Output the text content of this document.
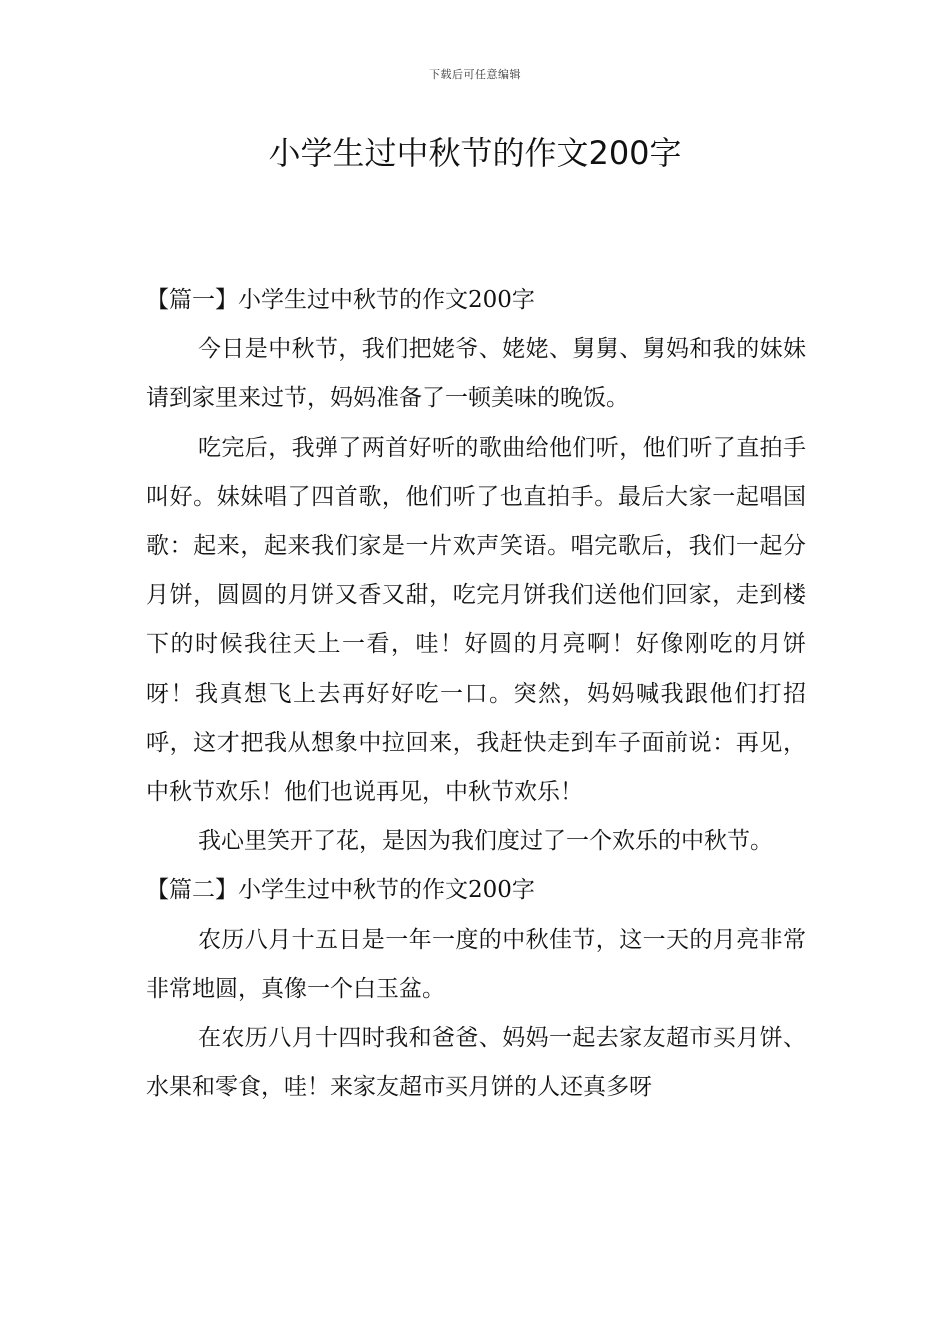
下载后可任意编辑
小学生过中秋节的作文200字
【篇一】小学生过中秋节的作文200字

今日是中秋节，我们把姥爷、姥姥、舅舅、舅妈和我的妹妹请到家里来过节，妈妈准备了一顿美味的晚饭。

吃完后，我弹了两首好听的歌曲给他们听，他们听了直拍手叫好。妹妹唱了四首歌，他们听了也直拍手。最后大家一起唱国歌：起来，起来我们家是一片欢声笑语。唱完歌后，我们一起分月饼，圆圆的月饼又香又甜，吃完月饼我们送他们回家，走到楼下的时候我往天上一看，哇！好圆的月亮啊！好像刚吃的月饼呀！我真想飞上去再好好吃一口。突然，妈妈喊我跟他们打招呼，这才把我从想象中拉回来，我赶快走到车子面前说：再见，中秋节欢乐！他们也说再见，中秋节欢乐！

我心里笑开了花，是因为我们度过了一个欢乐的中秋节。

【篇二】小学生过中秋节的作文200字

农历八月十五日是一年一度的中秋佳节，这一天的月亮非常非常地圆，真像一个白玉盆。

在农历八月十四时我和爸爸、妈妈一起去家友超市买月饼、水果和零食，哇！来家友超市买月饼的人还真多呀
